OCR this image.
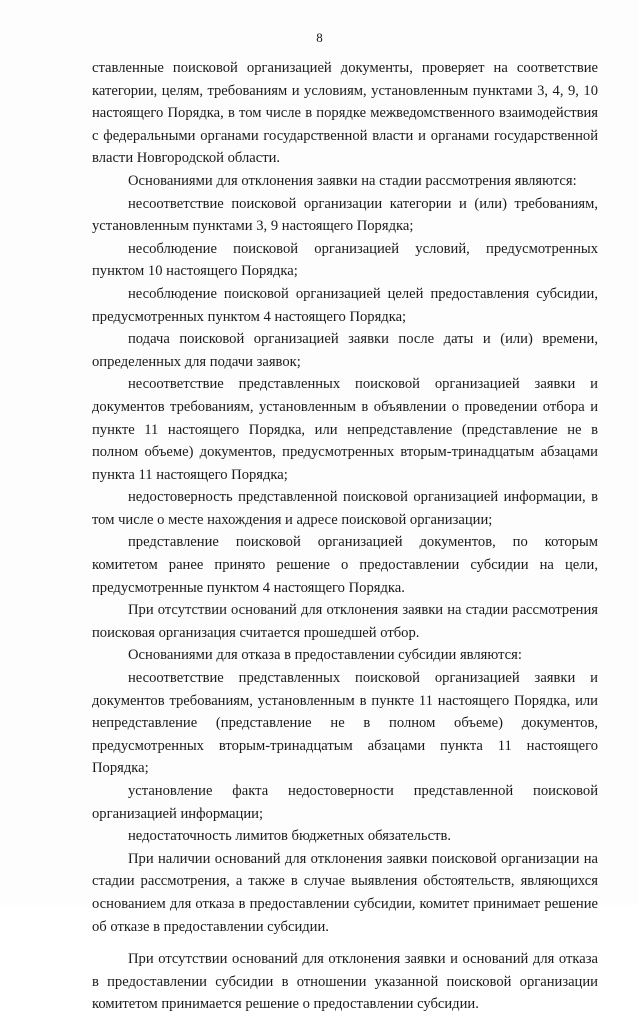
8

ставленные поисковой организацией документы, проверяет на соответствие категории, целям, требованиям и условиям, установленным пунктами 3, 4, 9, 10 настоящего Порядка, в том числе в порядке межведомственного взаимодействия с федеральными органами государственной власти и органами государственной власти Новгородской области.

Основаниями для отклонения заявки на стадии рассмотрения являются:

несоответствие поисковой организации категории и (или) требованиям, установленным пунктами 3, 9 настоящего Порядка;

несоблюдение поисковой организацией условий, предусмотренных пунктом 10 настоящего Порядка;

несоблюдение поисковой организацией целей предоставления субсидии, предусмотренных пунктом 4 настоящего Порядка;

подача поисковой организацией заявки после даты и (или) времени, определенных для подачи заявок;

несоответствие представленных поисковой организацией заявки и документов требованиям, установленным в объявлении о проведении отбора и пункте 11 настоящего Порядка, или непредставление (представление не в полном объеме) документов, предусмотренных вторым-тринадцатым абзацами пункта 11 настоящего Порядка;

недостоверность представленной поисковой организацией информации, в том числе о месте нахождения и адресе поисковой организации;

представление поисковой организацией документов, по которым комитетом ранее принято решение о предоставлении субсидии на цели, предусмотренные пунктом 4 настоящего Порядка.

При отсутствии оснований для отклонения заявки на стадии рассмотрения поисковая организация считается прошедшей отбор.

Основаниями для отказа в предоставлении субсидии являются:

несоответствие представленных поисковой организацией заявки и документов требованиям, установленным в пункте 11 настоящего Порядка, или непредставление (представление не в полном объеме) документов, предусмотренных вторым-тринадцатым абзацами пункта 11 настоящего Порядка;

установление факта недостоверности представленной поисковой организацией информации;

недостаточность лимитов бюджетных обязательств.

При наличии оснований для отклонения заявки поисковой организации на стадии рассмотрения, а также в случае выявления обстоятельств, являющихся основанием для отказа в предоставлении субсидии, комитет принимает решение об отказе в предоставлении субсидии.

При отсутствии оснований для отклонения заявки и оснований для отказа в предоставлении субсидии в отношении указанной поисковой организации комитетом принимается решение о предоставлении субсидии.
